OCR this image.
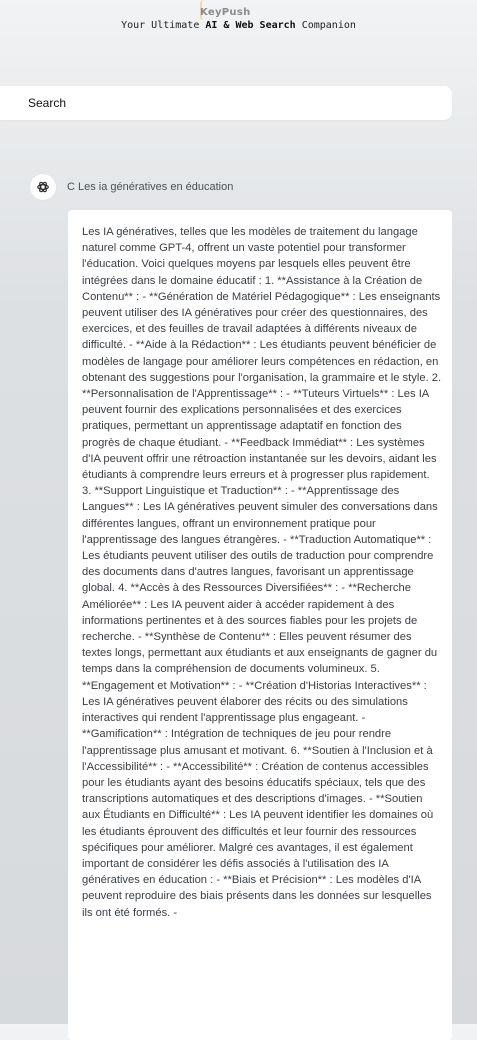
KeyPush
Your Ultimate AI & Web Search Companion
Search
C Les ia génératives en éducation

Les IA génératives, telles que les modèles de traitement du langage naturel comme GPT-4, offrent un vaste potentiel pour transformer l'éducation. Voici quelques moyens par lesquels elles peuvent être intégrées dans le domaine éducatif : 1. **Assistance à la Création de Contenu** : - **Génération de Matériel Pédagogique** : Les enseignants peuvent utiliser des IA génératives pour créer des questionnaires, des exercices, et des feuilles de travail adaptées à différents niveaux de difficulté. - **Aide à la Rédaction** : Les étudiants peuvent bénéficier de modèles de langage pour améliorer leurs compétences en rédaction, en obtenant des suggestions pour l'organisation, la grammaire et le style. 2. **Personnalisation de l'Apprentissage** : - **Tuteurs Virtuels** : Les IA peuvent fournir des explications personnalisées et des exercices pratiques, permettant un apprentissage adaptatif en fonction des progrès de chaque étudiant. - **Feedback Immédiat** : Les systèmes d'IA peuvent offrir une rétroaction instantanée sur les devoirs, aidant les étudiants à comprendre leurs erreurs et à progresser plus rapidement. 3. **Support Linguistique et Traduction** : - **Apprentissage des Langues** : Les IA génératives peuvent simuler des conversations dans différentes langues, offrant un environnement pratique pour l'apprentissage des langues étrangères. - **Traduction Automatique** : Les étudiants peuvent utiliser des outils de traduction pour comprendre des documents dans d'autres langues, favorisant un apprentissage global. 4. **Accès à des Ressources Diversifiées** : - **Recherche Améliorée** : Les IA peuvent aider à accéder rapidement à des informations pertinentes et à des sources fiables pour les projets de recherche. - **Synthèse de Contenu** : Elles peuvent résumer des textes longs, permettant aux étudiants et aux enseignants de gagner du temps dans la compréhension de documents volumineux. 5. **Engagement et Motivation** : - **Création d'Historias Interactives** : Les IA génératives peuvent élaborer des récits ou des simulations interactives qui rendent l'apprentissage plus engageant. - **Gamification** : Intégration de techniques de jeu pour rendre l'apprentissage plus amusant et motivant. 6. **Soutien à l'Inclusion et à l'Accessibilité** : - **Accessibilité** : Création de contenus accessibles pour les étudiants ayant des besoins éducatifs spéciaux, tels que des transcriptions automatiques et des descriptions d'images. - **Soutien aux Étudiants en Difficulté** : Les IA peuvent identifier les domaines où les étudiants éprouvent des difficultés et leur fournir des ressources spécifiques pour améliorer. Malgré ces avantages, il est également important de considérer les défis associés à l'utilisation des IA génératives en éducation : - **Biais et Précision** : Les modèles d'IA peuvent reproduire des biais présents dans les données sur lesquelles ils ont été formés. -
